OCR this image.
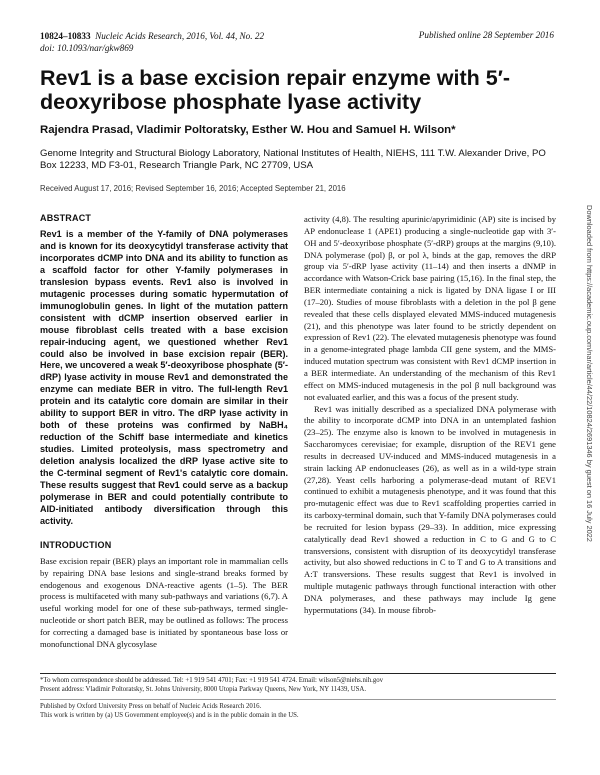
10824–10833 Nucleic Acids Research, 2016, Vol. 44, No. 22
doi: 10.1093/nar/gkw869
Published online 28 September 2016
Rev1 is a base excision repair enzyme with 5′-deoxyribose phosphate lyase activity
Rajendra Prasad, Vladimir Poltoratsky, Esther W. Hou and Samuel H. Wilson*
Genome Integrity and Structural Biology Laboratory, National Institutes of Health, NIEHS, 111 T.W. Alexander Drive, PO Box 12233, MD F3-01, Research Triangle Park, NC 27709, USA
Received August 17, 2016; Revised September 16, 2016; Accepted September 21, 2016
ABSTRACT

Rev1 is a member of the Y-family of DNA polymerases and is known for its deoxycytidyl transferase activity that incorporates dCMP into DNA and its ability to function as a scaffold factor for other Y-family polymerases in translesion bypass events. Rev1 also is involved in mutagenic processes during somatic hypermutation of immunoglobulin genes. In light of the mutation pattern consistent with dCMP insertion observed earlier in mouse fibroblast cells treated with a base excision repair-inducing agent, we questioned whether Rev1 could also be involved in base excision repair (BER). Here, we uncovered a weak 5′-deoxyribose phosphate (5′-dRP) lyase activity in mouse Rev1 and demonstrated the enzyme can mediate BER in vitro. The full-length Rev1 protein and its catalytic core domain are similar in their ability to support BER in vitro. The dRP lyase activity in both of these proteins was confirmed by NaBH₄ reduction of the Schiff base intermediate and kinetics studies. Limited proteolysis, mass spectrometry and deletion analysis localized the dRP lyase active site to the C-terminal segment of Rev1's catalytic core domain. These results suggest that Rev1 could serve as a backup polymerase in BER and could potentially contribute to AID-initiated antibody diversification through this activity.

INTRODUCTION

Base excision repair (BER) plays an important role in mammalian cells by repairing DNA base lesions and single-strand breaks formed by endogenous and exogenous DNA-reactive agents (1–5). The BER process is multifaceted with many sub-pathways and variations (6,7). A useful working model for one of these sub-pathways, termed single-nucleotide or short patch BER, may be outlined as follows: The process for correcting a damaged base is initiated by spontaneous base loss or monofunctional DNA glycosylase

activity (4,8). The resulting apurinic/apyrimidinic (AP) site is incised by AP endonuclease 1 (APE1) producing a single-nucleotide gap with 3′-OH and 5′-deoxyribose phosphate (5′-dRP) groups at the margins (9,10). DNA polymerase (pol) β, or pol λ, binds at the gap, removes the dRP group via 5′-dRP lyase activity (11–14) and then inserts a dNMP in accordance with Watson-Crick base pairing (15,16). In the final step, the BER intermediate containing a nick is ligated by DNA ligase I or III (17–20). Studies of mouse fibroblasts with a deletion in the pol β gene revealed that these cells displayed elevated MMS-induced mutagenesis (21), and this phenotype was later found to be strictly dependent on expression of Rev1 (22). The elevated mutagenesis phenotype was found in a genome-integrated phage lambda CII gene system, and the MMS-induced mutation spectrum was consistent with Rev1 dCMP insertion in a BER intermediate. An understanding of the mechanism of this Rev1 effect on MMS-induced mutagenesis in the pol β null background was not evaluated earlier, and this was a focus of the present study.

Rev1 was initially described as a specialized DNA polymerase with the ability to incorporate dCMP into DNA in an untemplated fashion (23–25). The enzyme also is known to be involved in mutagenesis in Saccharomyces cerevisiae; for example, disruption of the REV1 gene results in decreased UV-induced and MMS-induced mutagenesis in a strain lacking AP endonucleases (26), as well as in a wild-type strain (27,28). Yeast cells harboring a polymerase-dead mutant of REV1 continued to exhibit a mutagenesis phenotype, and it was found that this pro-mutagenic effect was due to Rev1 scaffolding properties carried in its carboxy-terminal domain, such that Y-family DNA polymerases could be recruited for lesion bypass (29–33). In addition, mice expressing catalytically dead Rev1 showed a reduction in C to G and G to C transversions, consistent with disruption of its deoxycytidyl transferase activity, but also showed reductions in C to T and G to A transitions and A:T transversions. These results suggest that Rev1 is involved in multiple mutagenic pathways through functional interaction with other DNA polymerases, and these pathways may include Ig gene hypermutations (34). In mouse fibrob-

*To whom correspondence should be addressed. Tel: +1 919 541 4701; Fax: +1 919 541 4724. Email: wilson5@niehs.nih.gov
Present address: Vladimir Poltoratsky, St. Johns University, 8000 Utopia Parkway Queens, New York, NY 11439, USA.
Published by Oxford University Press on behalf of Nucleic Acids Research 2016.
This work is written by (a) US Government employee(s) and is in the public domain in the US.
Downloaded from https://academic.oup.com/nar/article/44/22/10824/2691346 by guest on 16 July 2022
